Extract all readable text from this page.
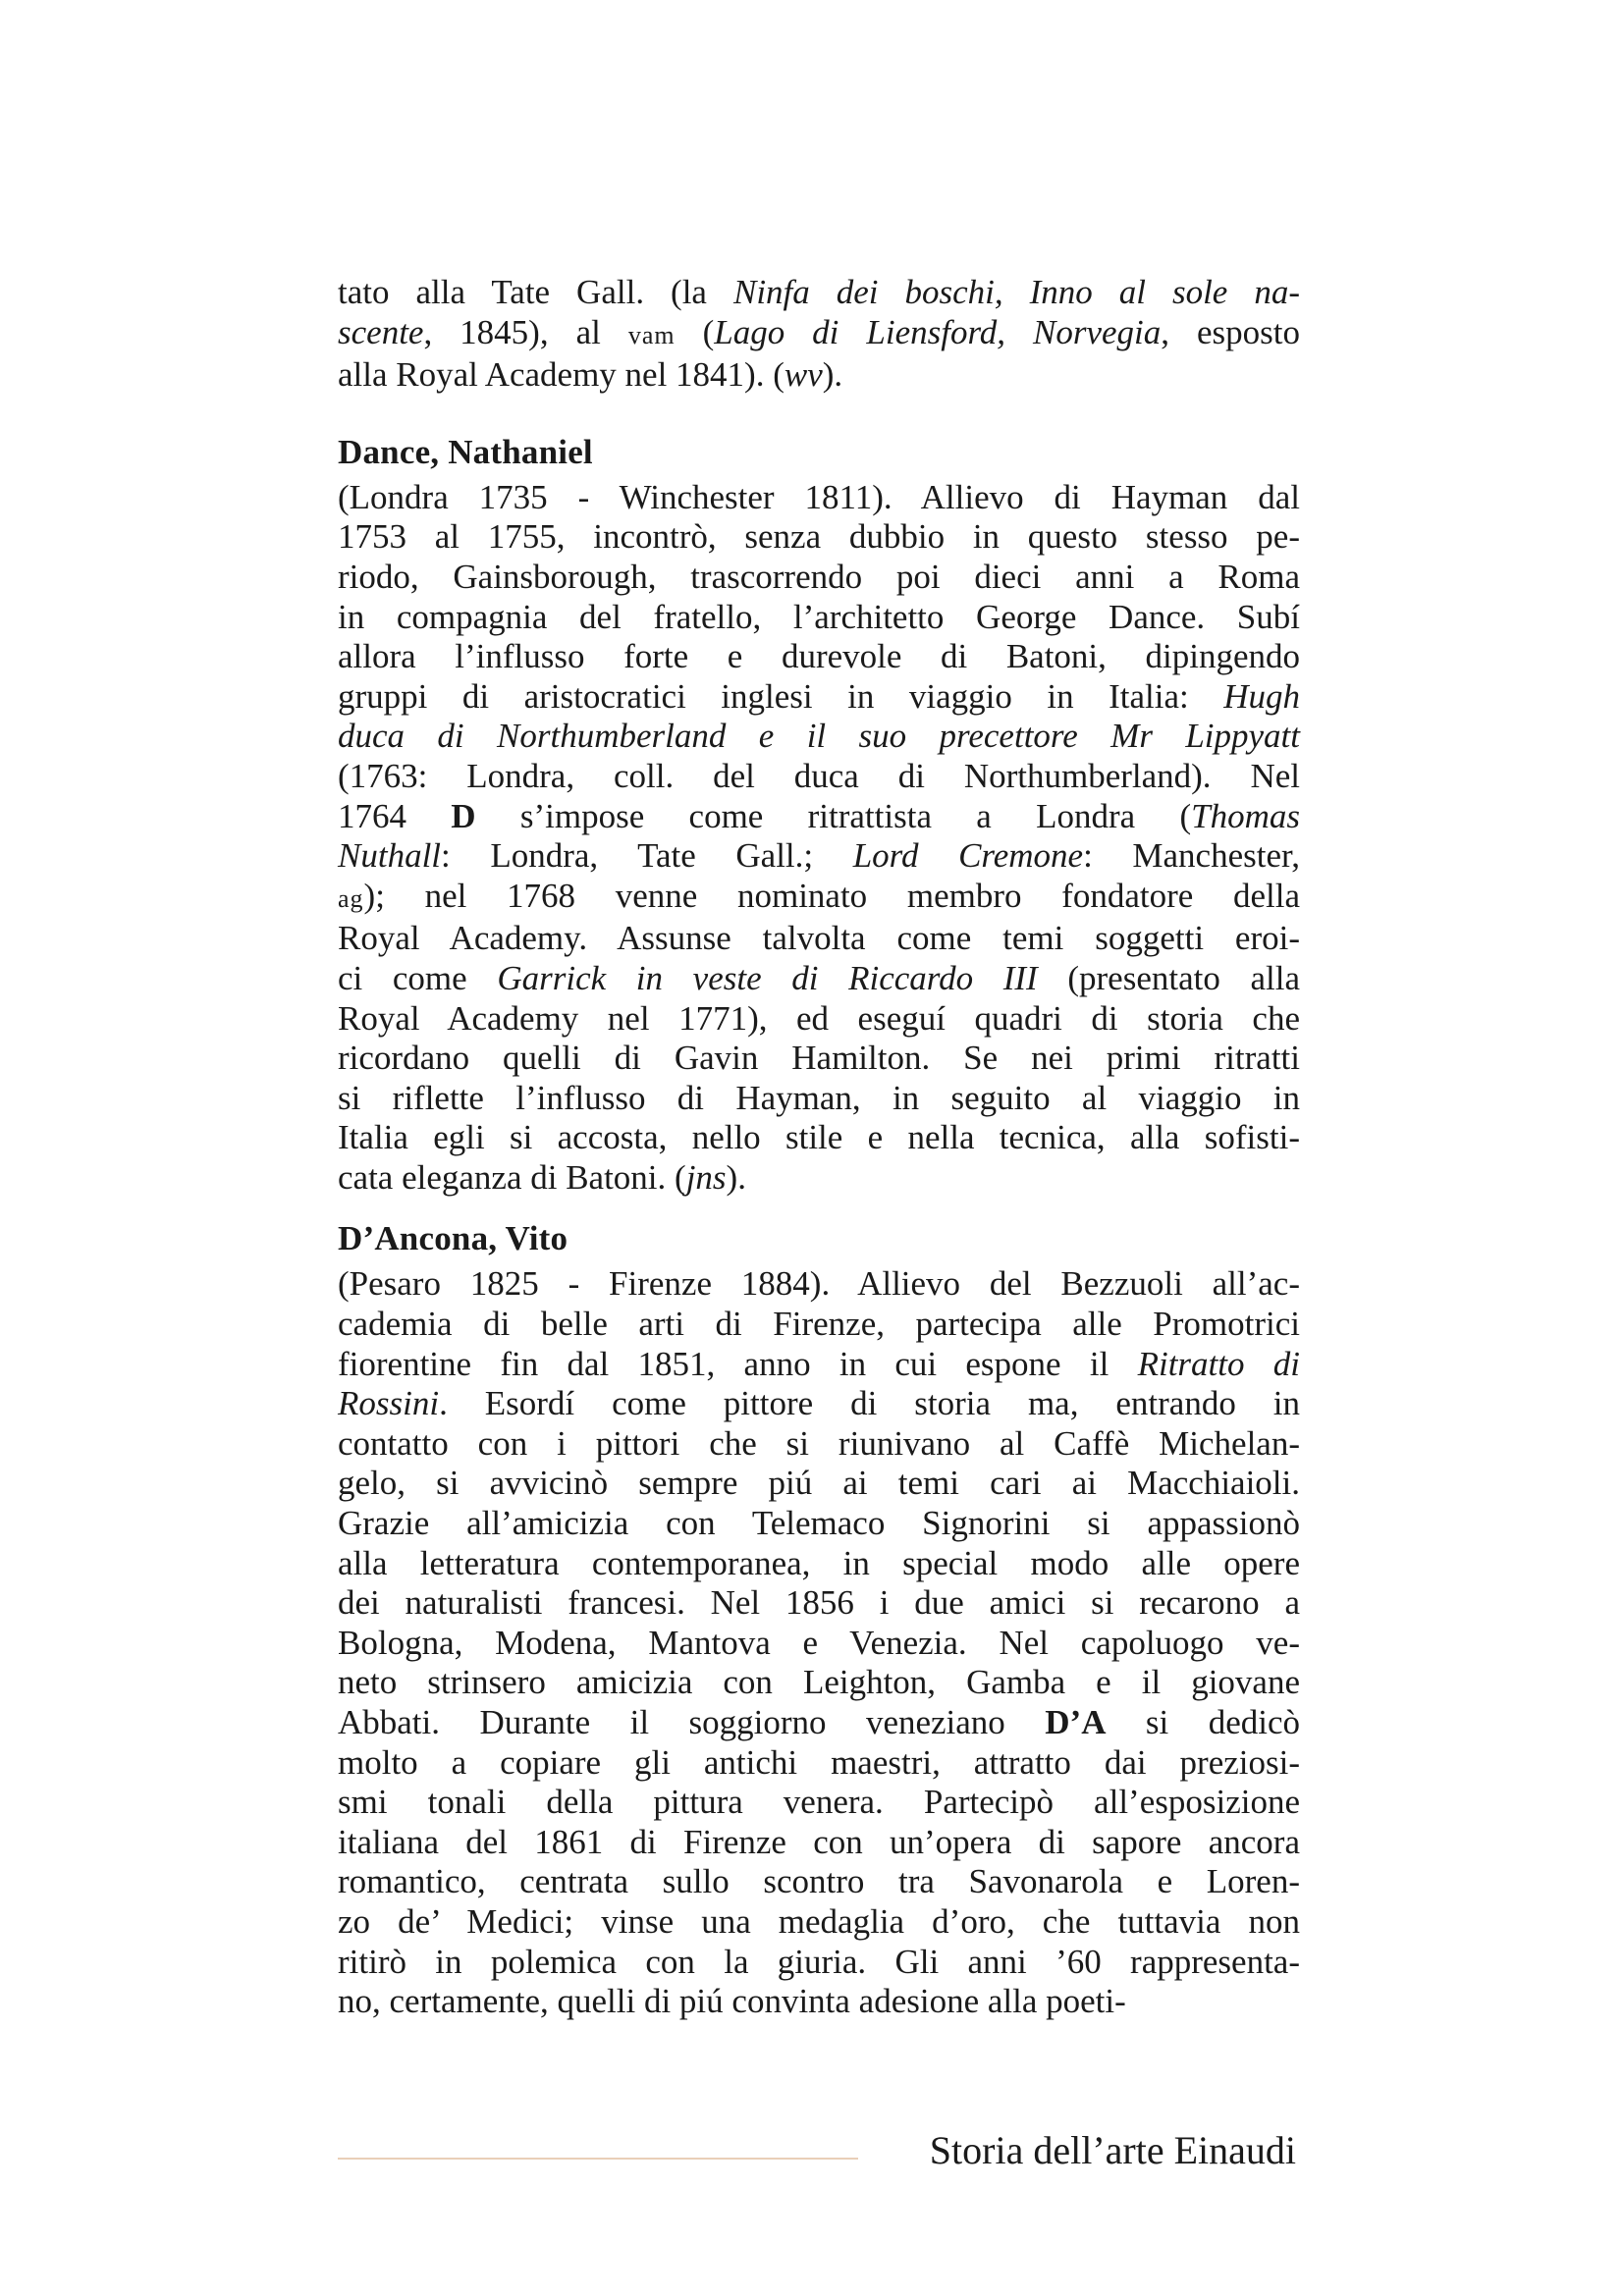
tato alla Tate Gall. (la Ninfa dei boschi, Inno al sole na-
scente, 1845), al vam (Lago di Liensford, Norvegia, esposto
alla Royal Academy nel 1841). (wv).
Dance, Nathaniel
(Londra 1735 - Winchester 1811). Allievo di Hayman dal
1753 al 1755, incontrò, senza dubbio in questo stesso pe-
riodo, Gainsborough, trascorrendo poi dieci anni a Roma
in compagnia del fratello, l’architetto George Dance. Subí
allora l’influsso forte e durevole di Batoni, dipingendo
gruppi di aristocratici inglesi in viaggio in Italia: Hugh
duca di Northumberland e il suo precettore Mr Lippyatt
(1763: Londra, coll. del duca di Northumberland). Nel
1764 D s’impose come ritrattista a Londra (Thomas
Nuthall: Londra, Tate Gall.; Lord Cremone: Manchester,
ag); nel 1768 venne nominato membro fondatore della
Royal Academy. Assunse talvolta come temi soggetti eroi-
ci come Garrick in veste di Riccardo III (presentato alla
Royal Academy nel 1771), ed eseguí quadri di storia che
ricordano quelli di Gavin Hamilton. Se nei primi ritratti
si riflette l’influsso di Hayman, in seguito al viaggio in
Italia egli si accosta, nello stile e nella tecnica, alla sofisti-
cata eleganza di Batoni. (jns).
D’Ancona, Vito
(Pesaro 1825 - Firenze 1884). Allievo del Bezzuoli all’ac-
cademia di belle arti di Firenze, partecipa alle Promotrici
fiorentine fin dal 1851, anno in cui espone il Ritratto di
Rossini. Esordí come pittore di storia ma, entrando in
contatto con i pittori che si riunivano al Caffè Michelan-
gelo, si avvicinò sempre piú ai temi cari ai Macchiaioli.
Grazie all’amicizia con Telemaco Signorini si appassionò
alla letteratura contemporanea, in special modo alle opere
dei naturalisti francesi. Nel 1856 i due amici si recarono a
Bologna, Modena, Mantova e Venezia. Nel capoluogo ve-
neto strinsero amicizia con Leighton, Gamba e il giovane
Abbati. Durante il soggiorno veneziano D’A si dedicò
molto a copiare gli antichi maestri, attratto dai preziosi-
smi tonali della pittura venera. Partecipò all’esposizione
italiana del 1861 di Firenze con un’opera di sapore ancora
romantico, centrata sullo scontro tra Savonarola e Loren-
zo de’ Medici; vinse una medaglia d’oro, che tuttavia non
ritirò in polemica con la giuria. Gli anni ’60 rappresenta-
no, certamente, quelli di piú convinta adesione alla poeti-
Storia dell’arte Einaudi
